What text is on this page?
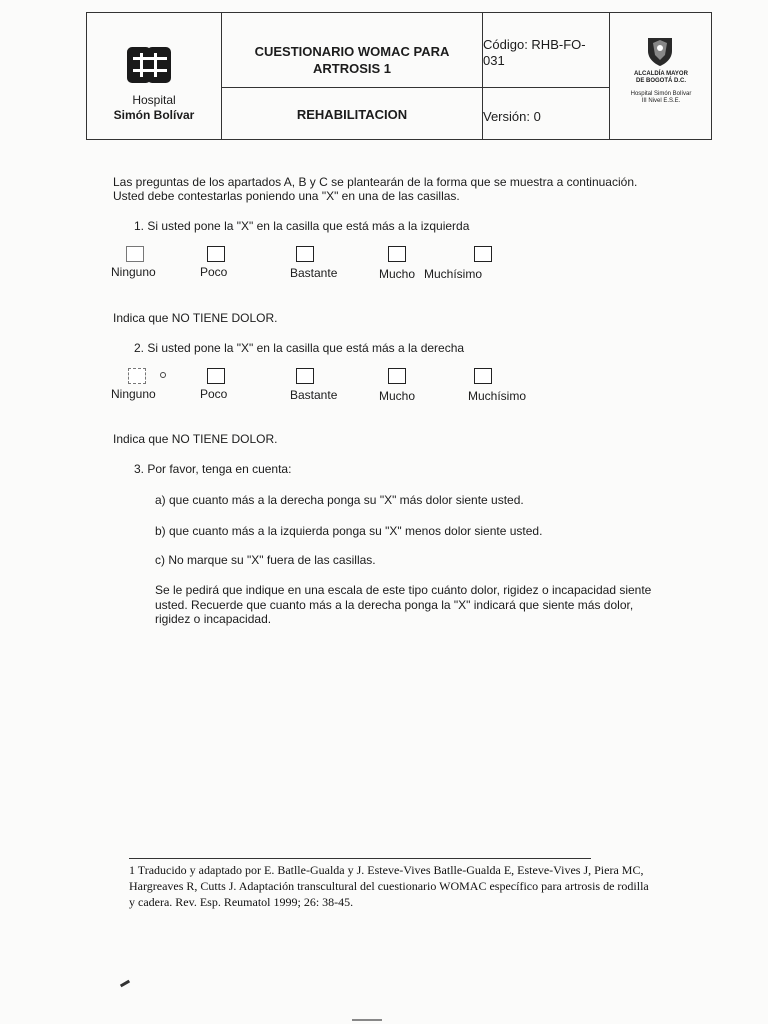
Hospital
Simón Bolívar
CUESTIONARIO WOMAC PARA ARTROSIS 1
REHABILITACION
Código: RHB-FO-031
Versión: 0
ALCALDÍA MAYOR
DE BOGOTÁ D.C.
Hospital Simón Bolívar
III Nivel E.S.E.
Las preguntas de los apartados A, B y C se plantearán de la forma que se muestra a continuación.
Usted debe contestarlas poniendo una "X" en una de las casillas.
1. Si usted pone la "X" en la casilla que está más a la izquierda
Ninguno	Poco	Bastante	Mucho Muchísimo
Indica que NO TIENE DOLOR.
2. Si usted pone la "X" en la casilla que está más a la derecha
Ninguno	Poco	Bastante	Mucho	Muchísimo
Indica que NO TIENE DOLOR.
3. Por favor, tenga en cuenta:
a) que cuanto más a la derecha ponga su "X" más dolor siente usted.
b) que cuanto más a la izquierda ponga su "X" menos dolor siente usted.
c) No marque su "X" fuera de las casillas.
Se le pedirá que indique en una escala de este tipo cuánto dolor, rigidez o incapacidad siente
usted. Recuerde que cuanto más a la derecha ponga la "X" indicará que siente más dolor,
rigidez o incapacidad.
1 Traducido y adaptado por E. Batlle-Gualda y J. Esteve-Vives Batlle-Gualda E, Esteve-Vives J, Piera MC,
Hargreaves R, Cutts J. Adaptación transcultural del cuestionario WOMAC específico para artrosis de rodilla
y cadera. Rev. Esp. Reumatol 1999; 26: 38-45.
